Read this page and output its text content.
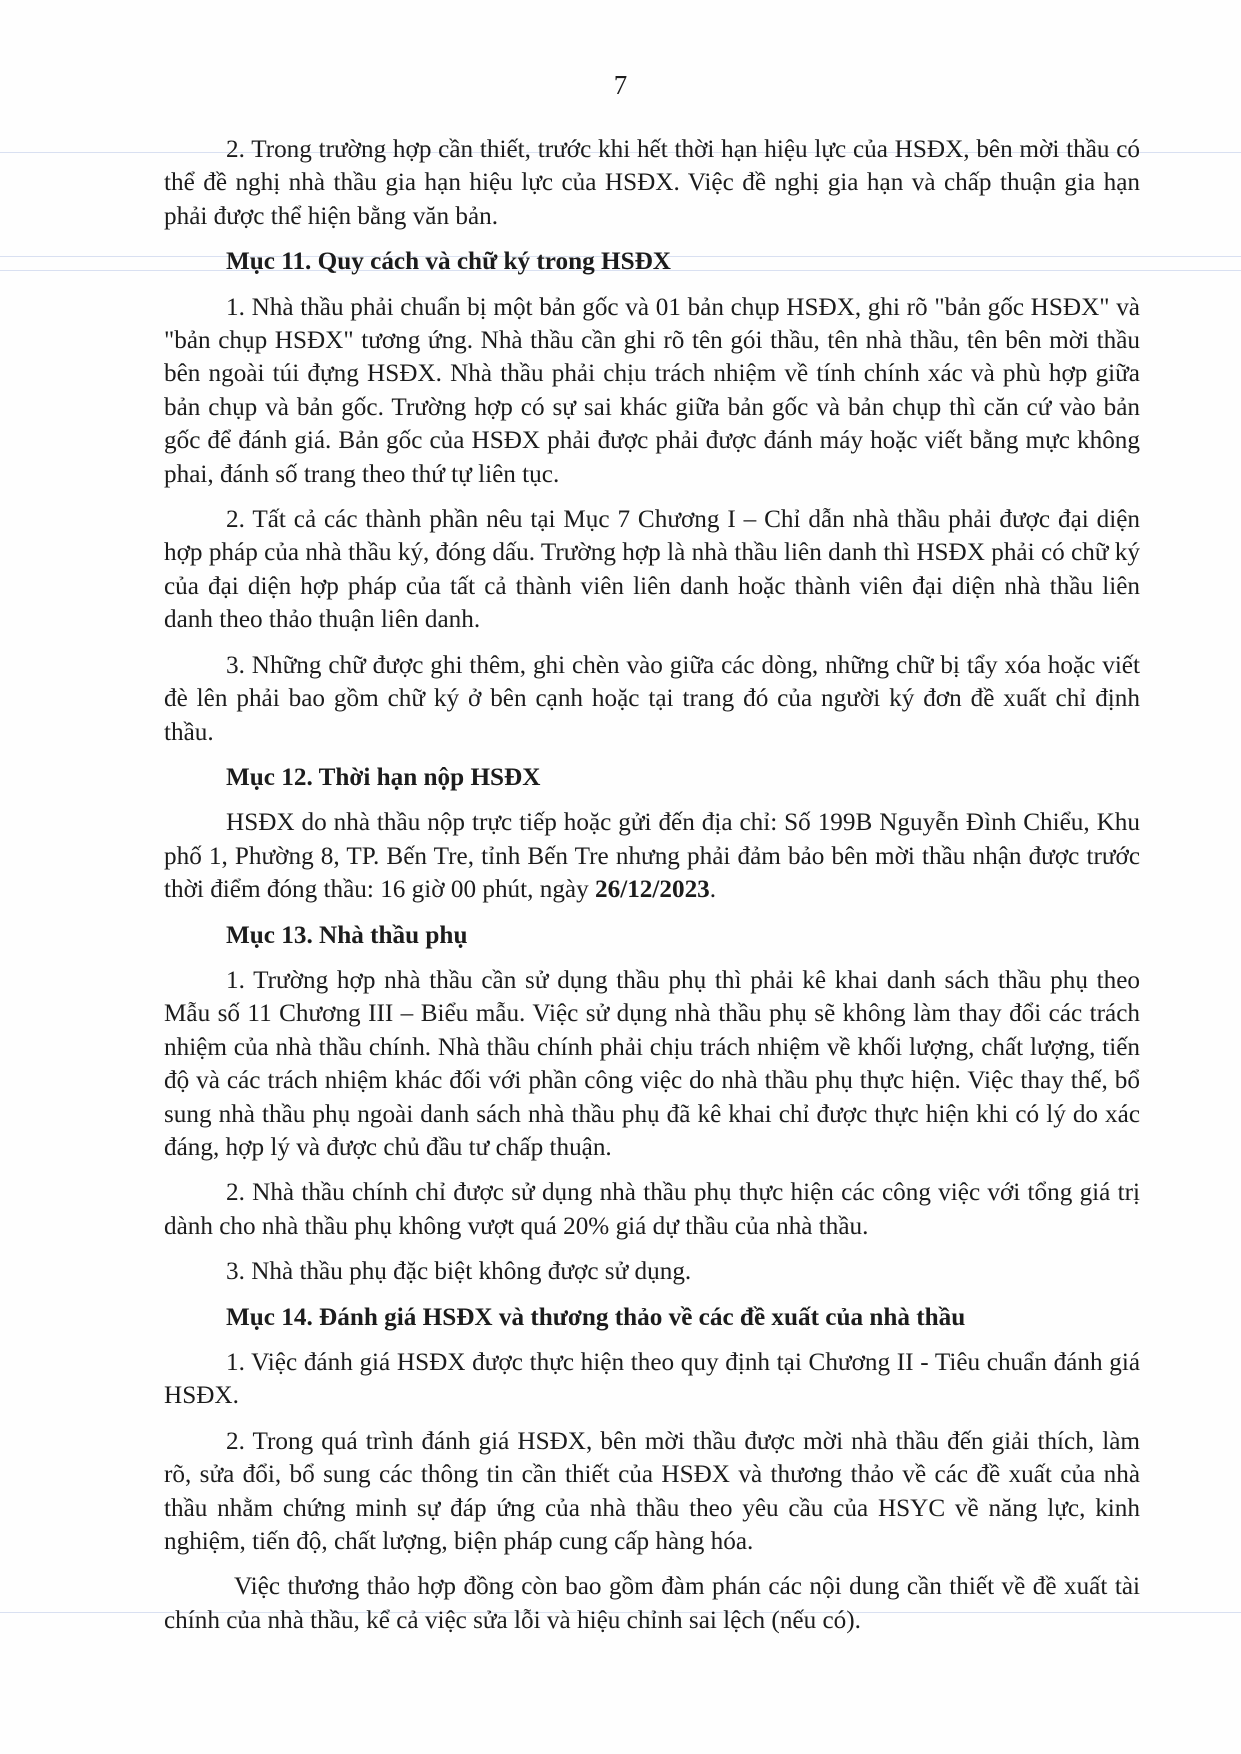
7

2. Trong trường hợp cần thiết, trước khi hết thời hạn hiệu lực của HSĐX, bên mời thầu có thể đề nghị nhà thầu gia hạn hiệu lực của HSĐX. Việc đề nghị gia hạn và chấp thuận gia hạn phải được thể hiện bằng văn bản.

Mục 11. Quy cách và chữ ký trong HSĐX

1. Nhà thầu phải chuẩn bị một bản gốc và 01 bản chụp HSĐX, ghi rõ "bản gốc HSĐX" và "bản chụp HSĐX" tương ứng. Nhà thầu cần ghi rõ tên gói thầu, tên nhà thầu, tên bên mời thầu bên ngoài túi đựng HSĐX. Nhà thầu phải chịu trách nhiệm về tính chính xác và phù hợp giữa bản chụp và bản gốc. Trường hợp có sự sai khác giữa bản gốc và bản chụp thì căn cứ vào bản gốc để đánh giá. Bản gốc của HSĐX phải được phải được đánh máy hoặc viết bằng mực không phai, đánh số trang theo thứ tự liên tục.

2. Tất cả các thành phần nêu tại Mục 7 Chương I – Chỉ dẫn nhà thầu phải được đại diện hợp pháp của nhà thầu ký, đóng dấu. Trường hợp là nhà thầu liên danh thì HSĐX phải có chữ ký của đại diện hợp pháp của tất cả thành viên liên danh hoặc thành viên đại diện nhà thầu liên danh theo thảo thuận liên danh.

3. Những chữ được ghi thêm, ghi chèn vào giữa các dòng, những chữ bị tẩy xóa hoặc viết đè lên phải bao gồm chữ ký ở bên cạnh hoặc tại trang đó của người ký đơn đề xuất chỉ định thầu.

Mục 12. Thời hạn nộp HSĐX

HSĐX do nhà thầu nộp trực tiếp hoặc gửi đến địa chỉ: Số 199B Nguyễn Đình Chiểu, Khu phố 1, Phường 8, TP. Bến Tre, tỉnh Bến Tre nhưng phải đảm bảo bên mời thầu nhận được trước thời điểm đóng thầu: 16 giờ 00 phút, ngày 26/12/2023.

Mục 13. Nhà thầu phụ

1. Trường hợp nhà thầu cần sử dụng thầu phụ thì phải kê khai danh sách thầu phụ theo Mẫu số 11 Chương III – Biểu mẫu. Việc sử dụng nhà thầu phụ sẽ không làm thay đổi các trách nhiệm của nhà thầu chính. Nhà thầu chính phải chịu trách nhiệm về khối lượng, chất lượng, tiến độ và các trách nhiệm khác đối với phần công việc do nhà thầu phụ thực hiện. Việc thay thế, bổ sung nhà thầu phụ ngoài danh sách nhà thầu phụ đã kê khai chỉ được thực hiện khi có lý do xác đáng, hợp lý và được chủ đầu tư chấp thuận.

2. Nhà thầu chính chỉ được sử dụng nhà thầu phụ thực hiện các công việc với tổng giá trị dành cho nhà thầu phụ không vượt quá 20% giá dự thầu của nhà thầu.

3. Nhà thầu phụ đặc biệt không được sử dụng.

Mục 14. Đánh giá HSĐX và thương thảo về các đề xuất của nhà thầu

1. Việc đánh giá HSĐX được thực hiện theo quy định tại Chương II - Tiêu chuẩn đánh giá HSĐX.

2. Trong quá trình đánh giá HSĐX, bên mời thầu được mời nhà thầu đến giải thích, làm rõ, sửa đổi, bổ sung các thông tin cần thiết của HSĐX và thương thảo về các đề xuất của nhà thầu nhằm chứng minh sự đáp ứng của nhà thầu theo yêu cầu của HSYC về năng lực, kinh nghiệm, tiến độ, chất lượng, biện pháp cung cấp hàng hóa.

Việc thương thảo hợp đồng còn bao gồm đàm phán các nội dung cần thiết về đề xuất tài chính của nhà thầu, kể cả việc sửa lỗi và hiệu chỉnh sai lệch (nếu có).
